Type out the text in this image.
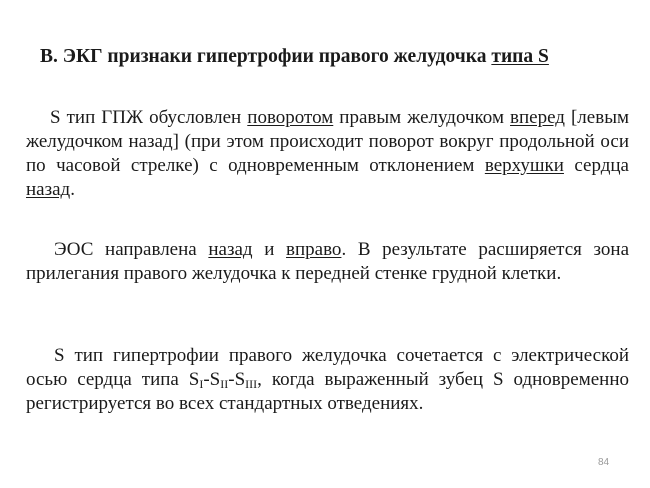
В. ЭКГ признаки гипертрофии правого желудочка типа S
S тип ГПЖ обусловлен поворотом правым желудочком вперед [левым желудочком назад] (при этом происходит поворот вокруг продольной оси по часовой стрелке) с одновременным отклонением верхушки сердца назад.
ЭОС направлена назад и вправо. В результате расширяется зона прилегания правого желудочка к передней стенке грудной клетки.
S тип гипертрофии правого желудочка сочетается с электрической осью сердца типа $S_I-S_{II}-S_{III}$, когда выраженный зубец S одновременно регистрируется во всех стандартных отведениях.
84
